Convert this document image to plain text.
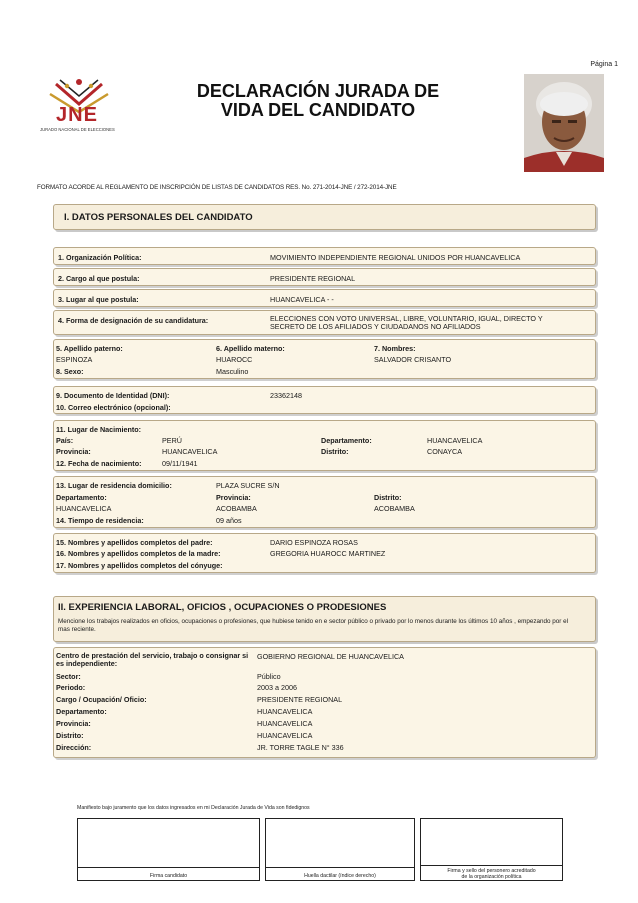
Página 1
JNE
JURADO NACIONAL DE ELECCIONES
DECLARACIÓN JURADA DE
VIDA DEL CANDIDATO
FORMATO ACORDE AL REGLAMENTO DE INSCRIPCIÓN DE LISTAS DE CANDIDATOS RES. No. 271-2014-JNE / 272-2014-JNE
I. DATOS PERSONALES DEL CANDIDATO
1. Organización Política:	MOVIMIENTO INDEPENDIENTE REGIONAL UNIDOS POR HUANCAVELICA
2. Cargo al que postula:	PRESIDENTE REGIONAL
3. Lugar al que postula:	HUANCAVELICA - -
4. Forma de designación de su candidatura:	ELECCIONES CON VOTO UNIVERSAL, LIBRE, VOLUNTARIO, IGUAL, DIRECTO Y
SECRETO DE LOS AFILIADOS Y CIUDADANOS NO AFILIADOS
5. Apellido paterno:	6. Apellido materno:	7. Nombres:
ESPINOZA	HUAROCC	SALVADOR CRISANTO
8. Sexo:	Masculino
9. Documento de Identidad (DNI):	23362148
10. Correo electrónico (opcional):
11. Lugar de Nacimiento:
País:	PERÚ	Departamento:	HUANCAVELICA
Provincia:	HUANCAVELICA	Distrito:	CONAYCA
12. Fecha de nacimiento:	09/11/1941
13. Lugar de residencia domicilio:	PLAZA SUCRE S/N
Departamento:	Provincia:	Distrito:
HUANCAVELICA	ACOBAMBA	ACOBAMBA
14. Tiempo de residencia:	09 años
15. Nombres y apellidos completos del padre:	DARIO ESPINOZA ROSAS
16. Nombres y apellidos completos de la madre:	GREGORIA HUAROCC MARTINEZ
17. Nombres y apellidos completos del cónyuge:
II. EXPERIENCIA LABORAL, OFICIOS , OCUPACIONES O PRODESIONES
Mencione los trabajos realizados en oficios, ocupaciones o profesiones, que hubiese tenido en e sector público o privado por lo menos durante los últimos 10 años , empezando por el
mas reciente.
Centro de prestación del servicio, trabajo o consignar si
es independiente:
GOBIERNO REGIONAL DE HUANCAVELICA
Sector:	Público
Periodo:	2003 a 2006
Cargo / Ocupación/ Oficio:	PRESIDENTE REGIONAL
Departamento:	HUANCAVELICA
Provincia:	HUANCAVELICA
Distrito:	HUANCAVELICA
Dirección:	JR. TORRE TAGLE N° 336
Manifiesto bajo juramento que los datos ingresados en mi Declaración Jurada de Vida son fidedignos
Firma candidato	Huella dactilar (índice derecho)
Firma y sello del personero acreditado
de la organización política
